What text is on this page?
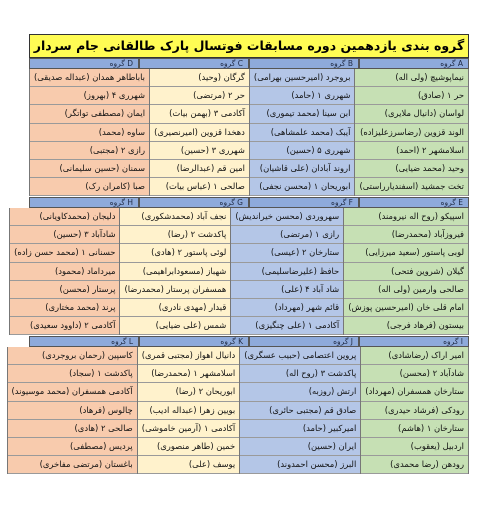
گروه بندی یازدهمین دوره مسابقات فوتسال پارک طالقانی جام سردار
گروه A
گروه B
گروه C
گروه D
نیماپوشیچ (ولی اله)
حر ۱ (صادق)
لواسان (دانیال ملایری)
الوند قزوین (رضاسرزعلیزاده)
اسلامشهر ۲ (احمد)
وحید (محمد ضیایی)
تخت جمشید (اسفندیارراستی)
بروجرد (امیرحسین بهرامی)
شهرری ۱ (حامد)
ابن سینا (محمد تیموری)
آیبک (محمد علمشاهی)
شهرری ۵ (حسین)
اروند آبادان (علی قاشیان)
ابوریحان ۱ (محسن نجفی)
گرگان (وحید)
حر ۲ (مرتضی)
آکادمی ۳ (بهمن بیات)
دهخدا قزوین (امیرنصیری)
شهرری ۳ (حسین)
امین قم (عبدالرضا)
صالحی ۱ (عباس بیات)
باباطاهر همدان (عبداله صدیقی)
شهرری ۴ (بهروز)
ایمان (مصطفی تواتگر)
ساوه (محمد)
رازی ۲ (مجتبی)
سمنان (حسین سلیمانی)
صبا (کامران رک)
گروه E
گروه F
گروه G
گروه H
اسپیکو (روح اله نیرومند)
فیروزآباد (محمدرضا)
لوبی پاستور (سعید میرزایی)
گیلان (شروین فتحی)
صالحی وارمین (ولی اله)
امام قلی خان (امیرحسین پوزش)
بیستون (فرهاد فرجی)
سهروردی (محسن خیراندیش)
رازی ۱ (مرتضی)
ستارخان ۲ (عیسی)
حافظ (علیرضاسلیمی)
شاد آباد ۴ (علی)
قائم شهر (مهرداد)
آکادمی ۱ (علی چنگیزی)
نجف آباد (محمدشکوری)
پاکدشت ۲ (رضا)
لوئی پاستور ۲ (هادی)
شهباز (مسعودابراهیمی)
همسفران پرستار (محمدرضا)
قیدار (مهدی نادری)
شمس (علی ضیایی)
دلیجان (محمدکاویانی)
شادآباد ۳ (حسین)
حسنانی ۱ (محمد حسن زاده)
میرداماد (محمود)
پرستار (محسن)
پرند (محمد مختاری)
آکادمی ۲ (داوود سعیدی)
گروه I
گروه J
گروه K
گروه L
امیر اراک (رضاشادی)
شادآباد ۲ (محسن)
ستارخان همسفران (مهرداد)
رودکی (فرشاد حیدری)
ستارخان ۱ (هاشم)
اردبیل (یعقوب)
رودهن (رضا محمدی)
پروین اعتصامی (حبیب عسگری)
پاکدشت ۳ (روح اله)
ارتش (روزبه)
صادق قم (مجتبی حائری)
امیرکبیر (حامد)
ایران (حسین)
البرز (محسن احمدوند)
دانیال اهواز (مجتبی قمری)
اسلامشهر ۱ (محمدرضا)
ابوریحان ۲ (رضا)
بویین زهرا (عبداله ادیب)
آکادمی ۱ (آرمین خاموشی)
خمین (طاهر منصوری)
یوسف (علی)
کاسپین (رحمان بروجردی)
پاکدشت ۱ (سجاد)
آکادمی همسفران (محمد موسیوند)
چالوس (فرهاد)
صالحی ۲ (هادی)
پردیس (مصطفی)
باغستان (مرتضی مفاخری)
